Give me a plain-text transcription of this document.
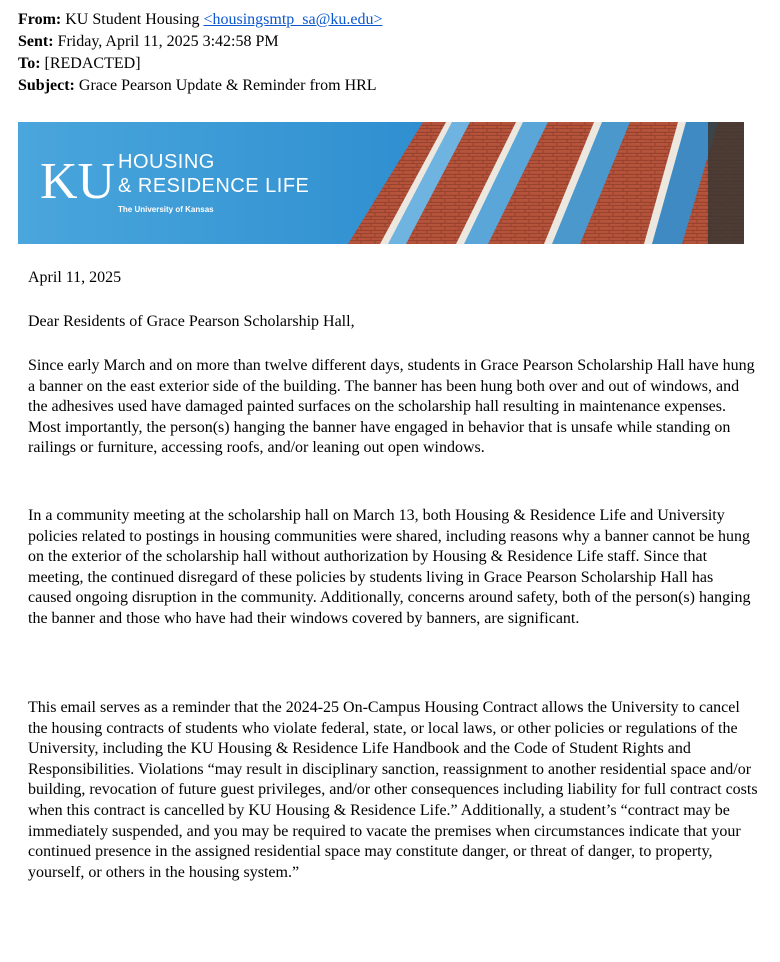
From: KU Student Housing <housingsmtp_sa@ku.edu>
Sent: Friday, April 11, 2025 3:42:58 PM
To: [REDACTED]
Subject: Grace Pearson Update & Reminder from HRL
KU HOUSING
& RESIDENCE LIFE
The University of Kansas

April 11, 2025

Dear Residents of Grace Pearson Scholarship Hall,

Since early March and on more than twelve different days, students in Grace Pearson Scholarship Hall have hung a banner on the east exterior side of the building. The banner has been hung both over and out of windows, and the adhesives used have damaged painted surfaces on the scholarship hall resulting in maintenance expenses. Most importantly, the person(s) hanging the banner have engaged in behavior that is unsafe while standing on railings or furniture, accessing roofs, and/or leaning out open windows.

In a community meeting at the scholarship hall on March 13, both Housing & Residence Life and University policies related to postings in housing communities were shared, including reasons why a banner cannot be hung on the exterior of the scholarship hall without authorization by Housing & Residence Life staff. Since that meeting, the continued disregard of these policies by students living in Grace Pearson Scholarship Hall has caused ongoing disruption in the community. Additionally, concerns around safety, both of the person(s) hanging the banner and those who have had their windows covered by banners, are significant.

This email serves as a reminder that the 2024-25 On-Campus Housing Contract allows the University to cancel the housing contracts of students who violate federal, state, or local laws, or other policies or regulations of the University, including the KU Housing & Residence Life Handbook and the Code of Student Rights and Responsibilities. Violations “may result in disciplinary sanction, reassignment to another residential space and/or building, revocation of future guest privileges, and/or other consequences including liability for full contract costs when this contract is cancelled by KU Housing & Residence Life.” Additionally, a student’s “contract may be immediately suspended, and you may be required to vacate the premises when circumstances indicate that your continued presence in the assigned residential space may constitute danger, or threat of danger, to property, yourself, or others in the housing system.”
